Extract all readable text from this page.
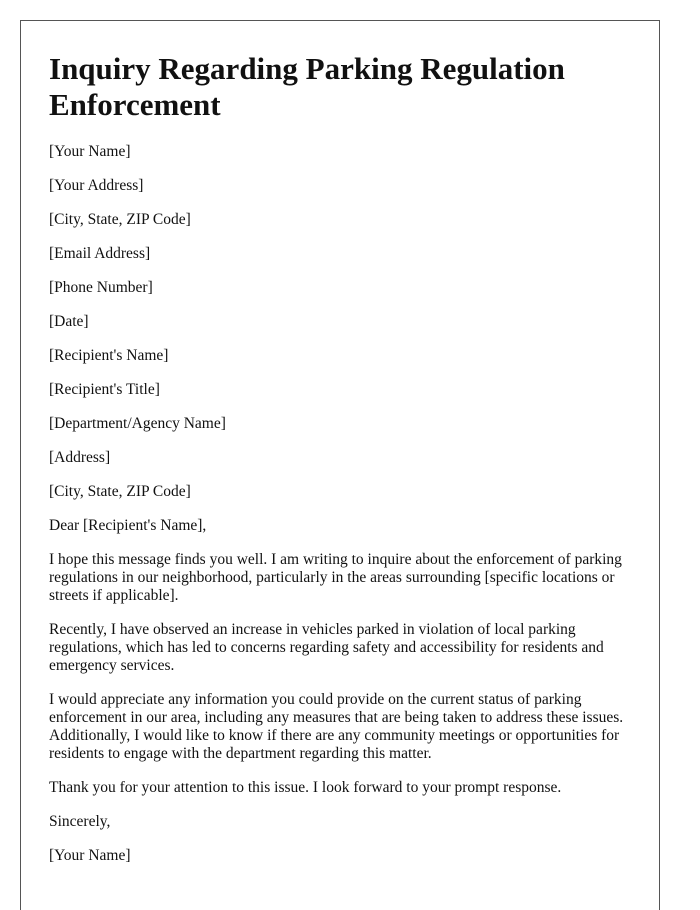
Inquiry Regarding Parking Regulation Enforcement
[Your Name]
[Your Address]
[City, State, ZIP Code]
[Email Address]
[Phone Number]
[Date]
[Recipient's Name]
[Recipient's Title]
[Department/Agency Name]
[Address]
[City, State, ZIP Code]
Dear [Recipient's Name],
I hope this message finds you well. I am writing to inquire about the enforcement of parking regulations in our neighborhood, particularly in the areas surrounding [specific locations or streets if applicable].
Recently, I have observed an increase in vehicles parked in violation of local parking regulations, which has led to concerns regarding safety and accessibility for residents and emergency services.
I would appreciate any information you could provide on the current status of parking enforcement in our area, including any measures that are being taken to address these issues. Additionally, I would like to know if there are any community meetings or opportunities for residents to engage with the department regarding this matter.
Thank you for your attention to this issue. I look forward to your prompt response.
Sincerely,
[Your Name]
